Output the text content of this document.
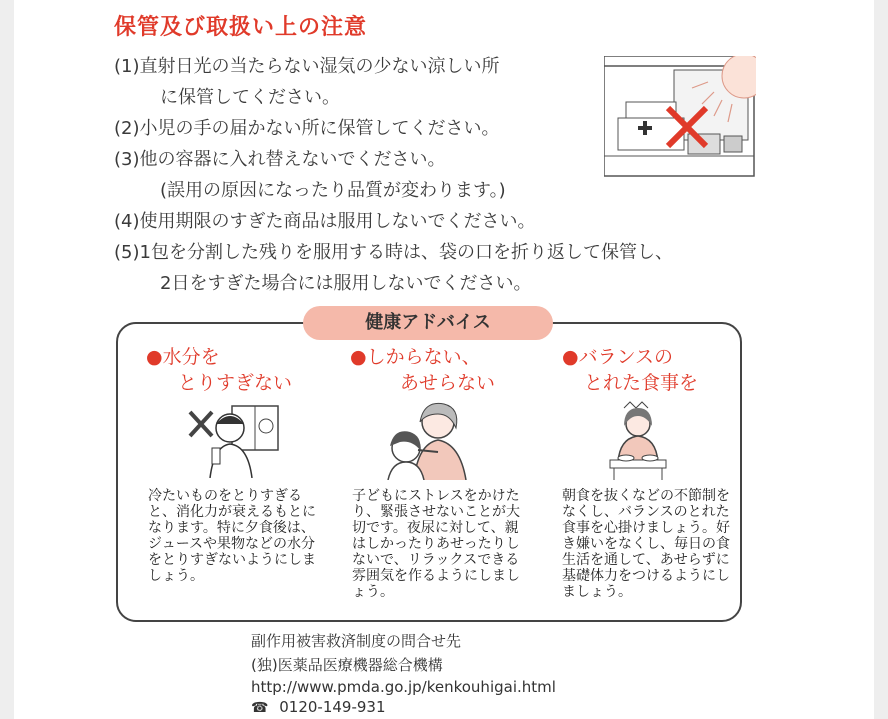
保管及び取扱い上の注意
(1)直射日光の当たらない湿気の少ない涼しい所
に保管してください。
(2)小児の手の届かない所に保管してください。
(3)他の容器に入れ替えないでください。
(誤用の原因になったり品質が変わります。)
(4)使用期限のすぎた商品は服用しないでください。
(5)1包を分割した残りを服用する時は、袋の口を折り返して保管し、
2日をすぎた場合には服用しないでください。
健康アドバイス
●水分を
とりすぎない
冷たいものをとりすぎると、消化力が衰えるもとになります。特に夕食後は、ジュースや果物などの水分をとりすぎないようにしましょう。
●しからない、
あせらない
子どもにストレスをかけたり、緊張させないことが大切です。夜尿に対して、親はしかったりあせったりしないで、リラックスできる雰囲気を作るようにしましょう。
●バランスの
とれた食事を
朝食を抜くなどの不節制をなくし、バランスのとれた食事を心掛けましょう。好き嫌いをなくし、毎日の食生活を通して、あせらずに基礎体力をつけるようにしましょう。
副作用被害救済制度の問合せ先
(独)医薬品医療機器総合機構
http://www.pmda.go.jp/kenkouhigai.html
☎ 0120-149-931
